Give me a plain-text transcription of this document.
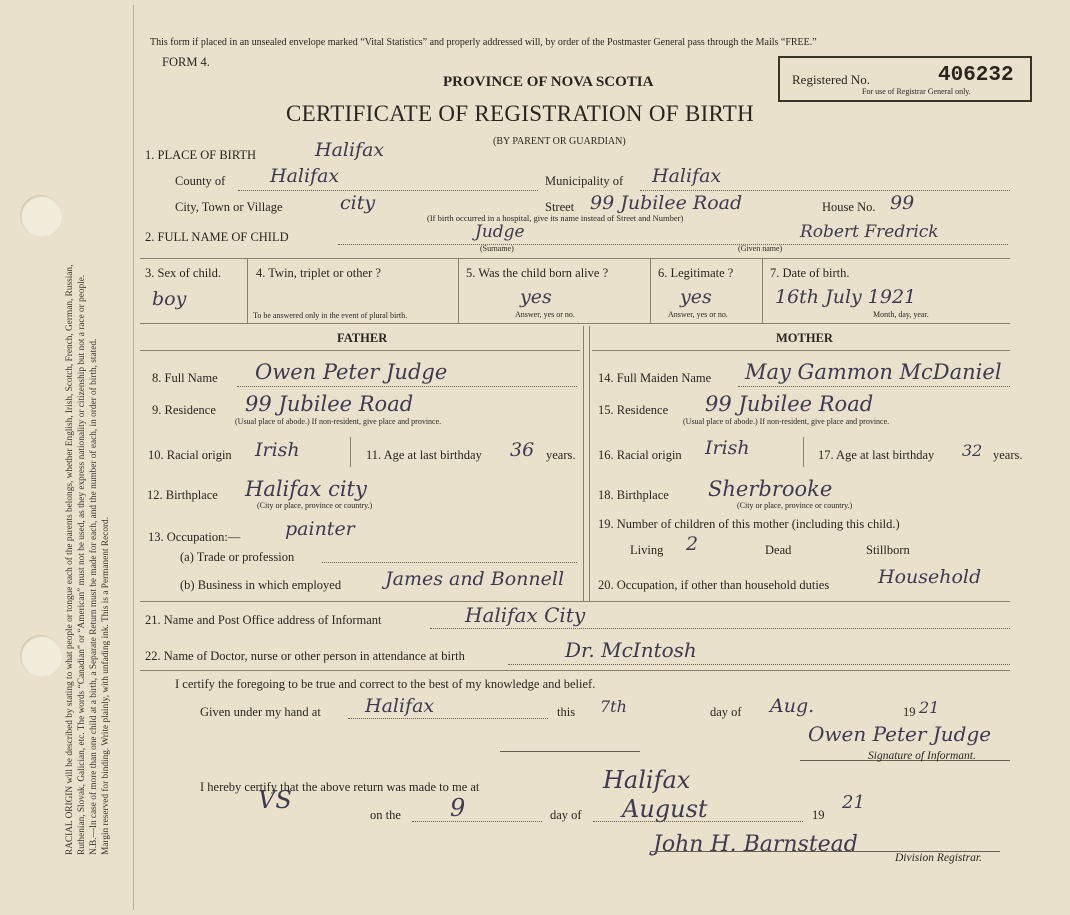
RACIAL ORIGIN will be described by stating to what people or tongue each of the parents belongs, whether English, Irish, Scotch, French, German, Russian, Ruthenian, Slovak, Galician, etc. The words “Canadian” or “American” must not be used, as they express nationality or citizenship but not a race or people. N.B.—In case of more than one child at a birth, a Separate Return must be made for each, and the number of each, in order of birth, stated. Margin reserved for binding. Write plainly, with unfading ink. This is a Permanent Record.
This form if placed in an unsealed envelope marked “Vital Statistics” and properly addressed will, by order of the Postmaster General pass through the Mails “FREE.”
FORM 4.
PROVINCE OF NOVA SCOTIA
CERTIFICATE OF REGISTRATION OF BIRTH
(BY PARENT OR GUARDIAN)
Registered No.	406232
For use of Registrar General only.
1. PLACE OF BIRTH	Halifax
County of Halifax	Municipality of Halifax
City, Town or Village	city	Street 99 Jubilee Road
(If birth occurred in a hospital, give its name instead of Street and Number)
House No. 99
2. FULL NAME OF CHILD	Judge	Robert Fredrick
(Surname)	(Given name)
3. Sex of child.
boy
4. Twin, triplet or other ?
To be answered only in the event of plural birth.
5. Was the child born alive ?
yes
Answer, yes or no.
6. Legitimate ?
yes
Answer, yes or no.
7. Date of birth.
16th July 1921
Month, day, year.
FATHER	MOTHER
8. Full Name Owen Peter Judge
9. Residence 99 Jubilee Road
(Usual place of abode.) If non-resident, give place and province.
10. Racial origin Irish	11. Age at last birthday 36 years.
12. Birthplace Halifax city
(City or place, province or country.)
13. Occupation:— painter
(a) Trade or profession
(b) Business in which employed James and Bonnell
14. Full Maiden Name May Gammon McDaniel
15. Residence 99 Jubilee Road
(Usual place of abode.) If non-resident, give place and province.
16. Racial origin Irish	17. Age at last birthday 32 years.
18. Birthplace Sherbrooke
(City or place, province or country.)
19. Number of children of this mother (including this child.)
Living 2	Dead	Stillborn
20. Occupation, if other than household duties	Household
21. Name and Post Office address of Informant	Halifax City
22. Name of Doctor, nurse or other person in attendance at birth	Dr. McIntosh
I certify the foregoing to be true and correct to the best of my knowledge and belief.
Given under my hand at Halifax	this 7th	day of Aug.	19 21
Owen Peter Judge
Signature of Informant.
I hereby certify that the above return was made to me at	Halifax
VS
on the 9	day of August	19
21
John H. Barnstead
Division Registrar.
